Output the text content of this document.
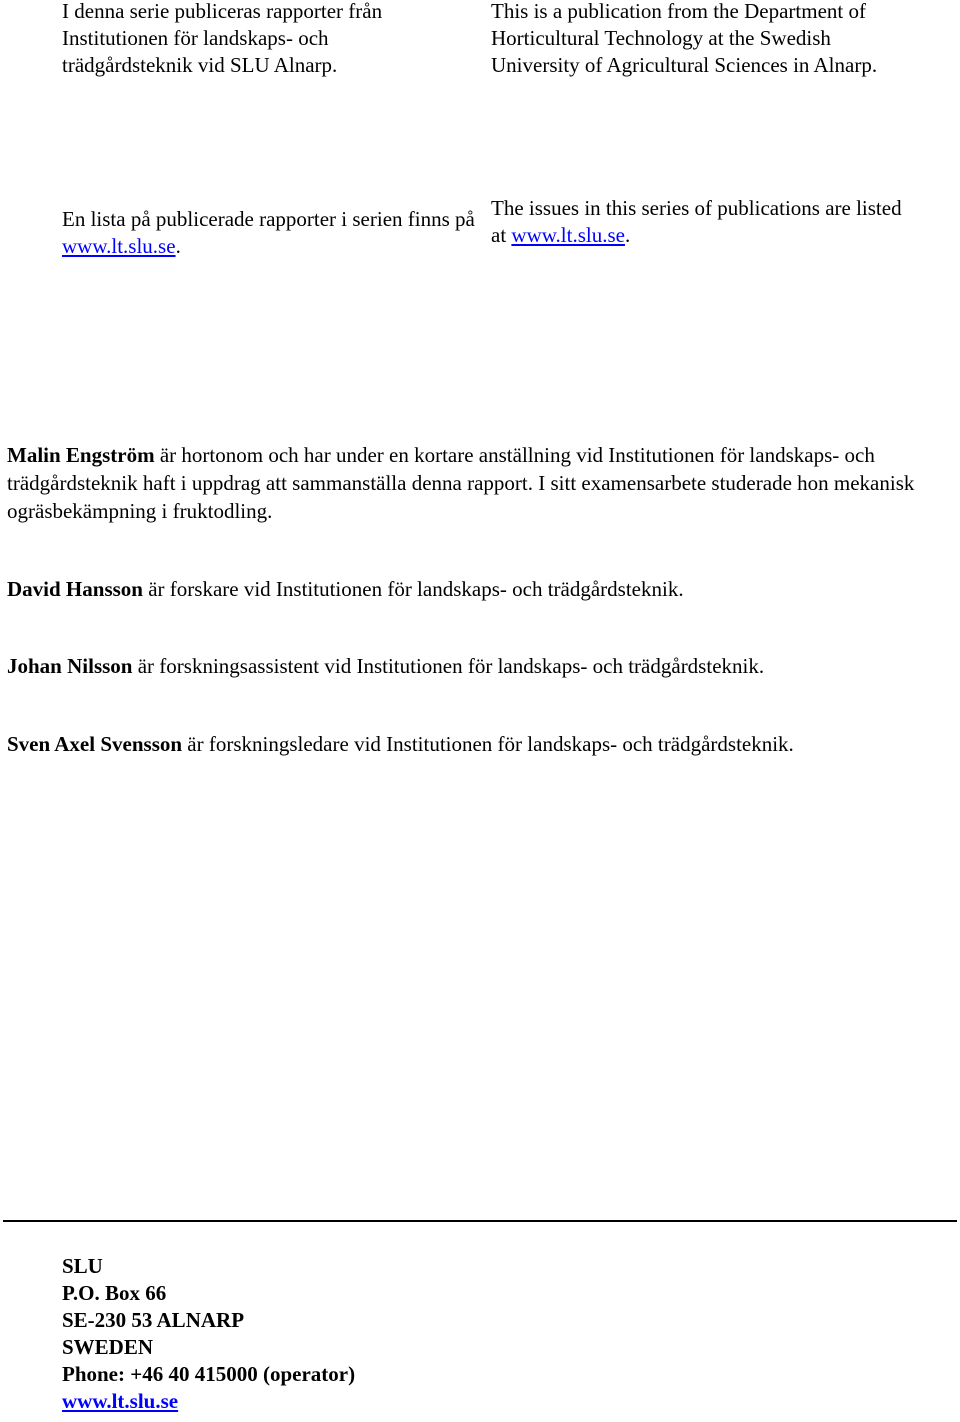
I denna serie publiceras rapporter från Institutionen för landskaps- och trädgårdsteknik vid SLU Alnarp.
This is a publication from the Department of Horticultural Technology at the Swedish University of Agricultural Sciences in Alnarp.
En lista på publicerade rapporter i serien finns på www.lt.slu.se.
The issues in this series of publications are listed at www.lt.slu.se.
Malin Engström är hortonom och har under en kortare anställning vid Institutionen för landskaps- och trädgårdsteknik haft i uppdrag att sammanställa denna rapport. I sitt examensarbete studerade hon mekanisk ogräsbekämpning i fruktodling.
David Hansson är forskare vid Institutionen för landskaps- och trädgårdsteknik.
Johan Nilsson är forskningsassistent vid Institutionen för landskaps- och trädgårdsteknik.
Sven Axel Svensson är forskningsledare vid Institutionen för landskaps- och trädgårdsteknik.
SLU
P.O. Box 66
SE-230 53 ALNARP
SWEDEN
Phone: +46 40 415000 (operator)
www.lt.slu.se
